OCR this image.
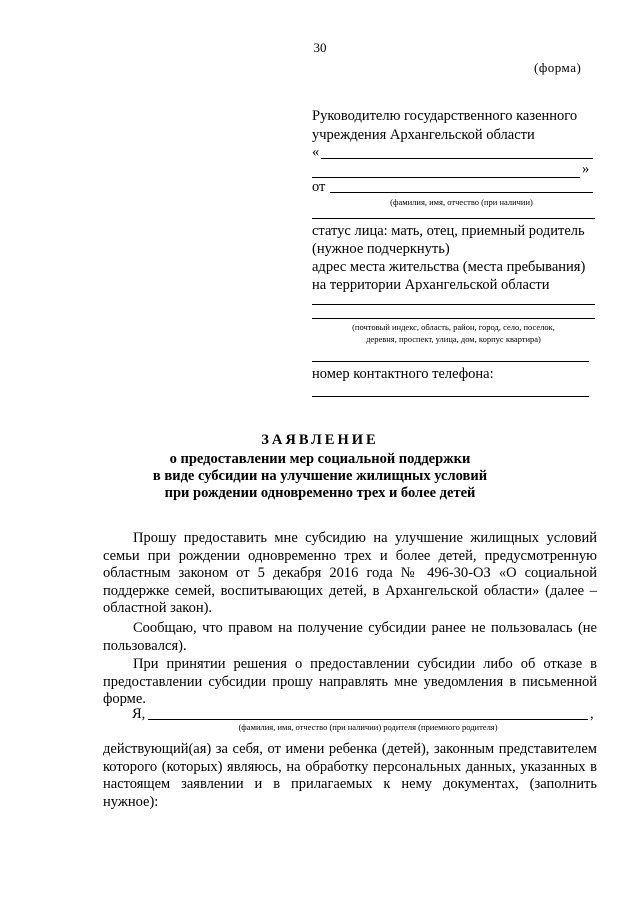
30
(форма)
Руководителю государственного казенного
учреждения Архангельской области
«
»
от
(фамилия, имя, отчество (при наличии)
статус лица: мать, отец, приемный родитель
(нужное подчеркнуть)
адрес места жительства (места пребывания)
на территории Архангельской области
(почтовый индекс, область, район, город, село, поселок,
деревня, проспект, улица, дом, корпус квартира)
номер контактного телефона:
ЗАЯВЛЕНИЕ
о предоставлении мер социальной поддержки
в виде субсидии на улучшение жилищных условий
при рождении одновременно трех и более детей
Прошу предоставить мне субсидию на улучшение жилищных условий семьи при рождении одновременно трех и более детей, предусмотренную областным законом от 5 декабря 2016 года № 496-30-ОЗ «О социальной поддержке семей, воспитывающих детей, в Архангельской области» (далее – областной закон).
Сообщаю, что правом на получение субсидии ранее не пользовалась (не пользовался).
При принятии решения о предоставлении субсидии либо об отказе в предоставлении субсидии прошу направлять мне уведомления в письменной форме.
Я,	,
(фамилия, имя, отчество (при наличии) родителя (приемного родителя)
действующий(ая) за себя, от имени ребенка (детей), законным представителем которого (которых) являюсь, на обработку персональных данных, указанных в настоящем заявлении и в прилагаемых к нему документах, (заполнить нужное):
